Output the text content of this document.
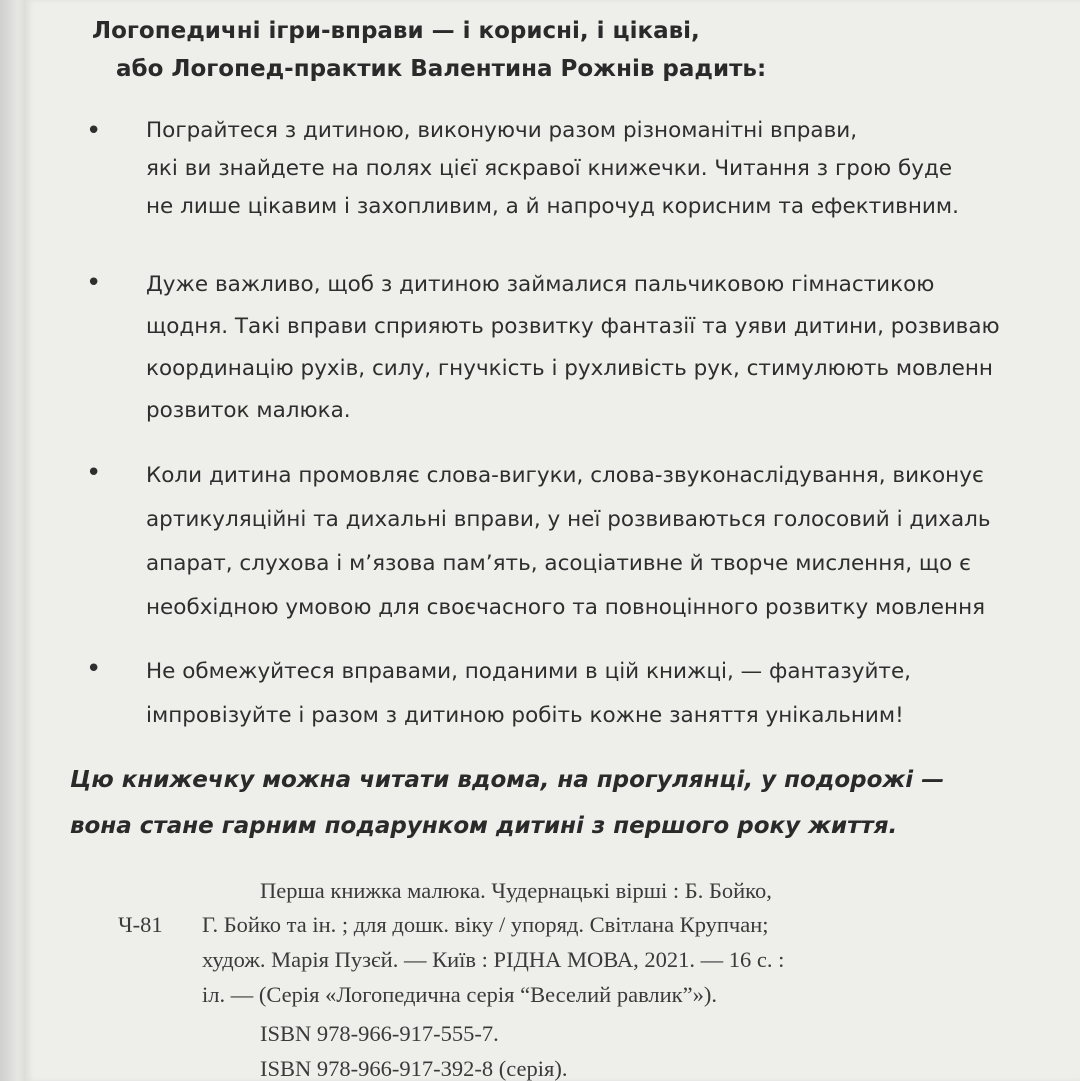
Логопедичні ігри-вправи — і корисні, і цікаві,
або Логопед-практик Валентина Рожнів радить:
• Пограйтеся з дитиною, виконуючи разом різноманітні вправи,
які ви знайдете на полях цієї яскравої книжечки. Читання з грою буде
не лише цікавим і захопливим, а й напрочуд корисним та ефективним.
• Дуже важливо, щоб з дитиною займалися пальчиковою гімнастикою
щодня. Такі вправи сприяють розвитку фантазії та уяви дитини, розвиваю
координацію рухів, силу, гнучкість і рухливість рук, стимулюють мовленн
розвиток малюка.
• Коли дитина промовляє слова-вигуки, слова-звуконаслідування, виконує
артикуляційні та дихальні вправи, у неї розвиваються голосовий і дихаль
апарат, слухова і м’язова пам’ять, асоціативне й творче мислення, що є
необхідною умовою для своєчасного та повноцінного розвитку мовлення
• Не обмежуйтеся вправами, поданими в цій книжці, — фантазуйте,
імпровізуйте і разом з дитиною робіть кожне заняття унікальним!
Цю книжечку можна читати вдома, на прогулянці, у подорожі —
вона стане гарним подарунком дитині з першого року життя.
Ч-81
Перша книжка малюка. Чудернацькі вірші : Б. Бойко,
Г. Бойко та ін. ; для дошк. віку / упоряд. Світлана Крупчан;
худож. Марія Пузєй. — Київ : РІДНА МОВА, 2021. — 16 с. :
іл. — (Серія «Логопедична серія “Веселий равлик”»).
ISBN 978-966-917-555-7.
ISBN 978-966-917-392-8 (серія).
